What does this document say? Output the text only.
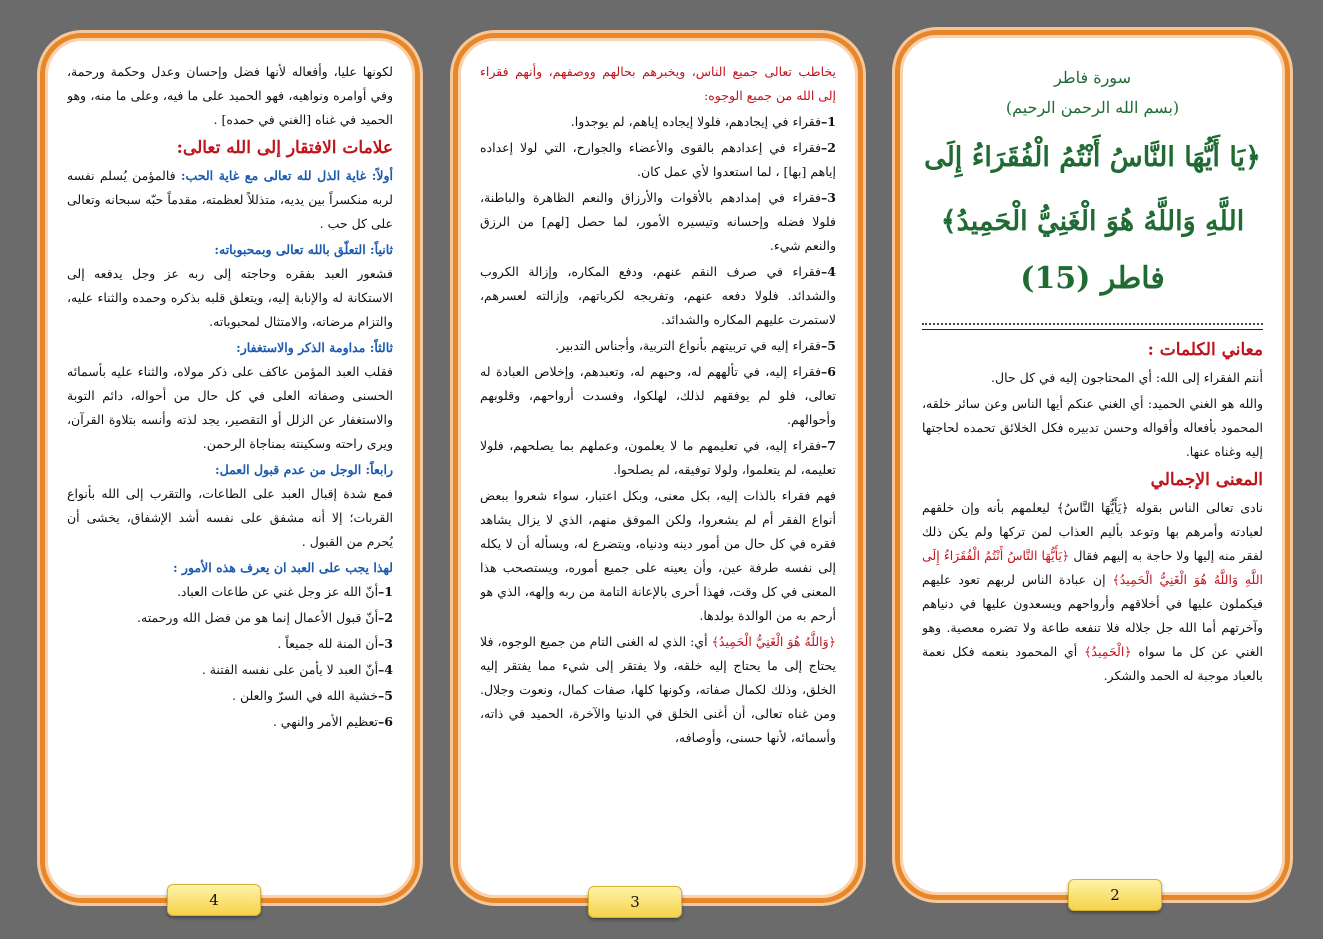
سورة فاطر
(بسم الله الرحمن الرحيم)
﴿يَا أَيُّهَا النَّاسُ أَنْتُمُ الْفُقَرَاءُ إِلَى
اللَّهِ وَاللَّهُ هُوَ الْغَنِيُّ الْحَمِيدُ﴾
فاطر (15)
معاني الكلمات :

أنتم الفقراء إلى الله: أي المحتاجون إليه في كل حال.

والله هو الغني الحميد: أي الغني عنكم أيها الناس وعن سائر خلقه، المحمود بأفعاله وأقواله وحسن تدبيره فكل الخلائق تحمده لحاجتها إليه وغناه عنها.

المعنى الإجمالي

نادى تعالى الناس بقوله ﴿يَأَيُّهَا النَّاسُ﴾ ليعلمهم بأنه وإن خلقهم لعبادته وأمرهم بها وتوعد بأليم العذاب لمن تركها ولم يكن ذلك لفقر منه إليها ولا حاجة به إليهم فقال ﴿يَأَيُّهَا النَّاسُ أَنْتُمُ الْفُقَرَاءُ إِلَى اللَّهِ وَاللَّهُ هُوَ الْغَنِيُّ الْحَمِيدُ﴾ إن عبادة الناس لربهم تعود عليهم فيكملون عليها في أخلاقهم وأرواحهم ويسعدون عليها في دنياهم وآخرتهم أما الله جل جلاله فلا تنفعه طاعة ولا تضره معصية. وهو الغني عن كل ما سواه ﴿الْحَمِيدُ﴾ أي المحمود بنعمه فكل نعمة بالعباد موجبة له الحمد والشكر.

2

يخاطب تعالى جميع الناس، ويخبرهم بحالهم ووصفهم، وأنهم فقراء إلى الله من جميع الوجوه:

1–فقراء في إيجادهم، فلولا إيجاده إياهم، لم يوجدوا.

2–فقراء في إعدادهم بالقوى والأعضاء والجوارح، التي لولا إعداده إياهم [بها] ، لما استعدوا لأي عمل كان.

3–فقراء في إمدادهم بالأقوات والأرزاق والنعم الظاهرة والباطنة، فلولا فضله وإحسانه وتيسيره الأمور، لما حصل [لهم] من الرزق والنعم شيء.

4–فقراء في صرف النقم عنهم، ودفع المكاره، وإزالة الكروب والشدائد. فلولا دفعه عنهم، وتفريجه لكرباتهم، وإزالته لعسرهم، لاستمرت عليهم المكاره والشدائد.

5–فقراء إليه في تربيتهم بأنواع التربية، وأجناس التدبير.

6–فقراء إليه، في تألههم له، وحبهم له، وتعبدهم، وإخلاص العبادة له تعالى، فلو لم يوفقهم لذلك، لهلكوا، وفسدت أرواحهم، وقلوبهم وأحوالهم.

7–فقراء إليه، في تعليمهم ما لا يعلمون، وعملهم بما يصلحهم، فلولا تعليمه، لم يتعلموا، ولولا توفيقه، لم يصلحوا.

فهم فقراء بالذات إليه، بكل معنى، وبكل اعتبار، سواء شعروا ببعض أنواع الفقر أم لم يشعروا، ولكن الموفق منهم، الذي لا يزال يشاهد فقره في كل حال من أمور دينه ودنياه، ويتضرع له، ويسأله أن لا يكله إلى نفسه طرفة عين، وأن يعينه على جميع أموره، ويستصحب هذا المعنى في كل وقت، فهذا أحرى بالإعانة التامة من ربه وإلهه، الذي هو أرحم به من الوالدة بولدها.

﴿وَاللَّهُ هُوَ الْغَنِيُّ الْحَمِيدُ﴾ أي: الذي له الغنى التام من جميع الوجوه، فلا يحتاج إلى ما يحتاج إليه خلقه، ولا يفتقر إلى شيء مما يفتقر إليه الخلق، وذلك لكمال صفاته، وكونها كلها، صفات كمال، ونعوت وجلال. ومن غناه تعالى، أن أغنى الخلق في الدنيا والآخرة، الحميد في ذاته، وأسمائه، لأنها حسنى، وأوصافه،

3

لكونها عليا، وأفعاله لأنها فضل وإحسان وعدل وحكمة ورحمة، وفي أوامره ونواهيه، فهو الحميد على ما فيه، وعلى ما منه، وهو الحميد في غناه [الغني في حمده] .

علامات الافتقار إلى الله تعالى:

أولاً: غاية الذل لله تعالى مع غاية الحب: فالمؤمن يُسلم نفسه لربه منكسراً بين يديه، متذللاً لعظمته، مقدماً حبّه سبحانه وتعالى على كل حب .

ثانياً: التعلّق بالله تعالى وبمحبوباته:

فشعور العبد بفقره وحاجته إلى ربه عز وجل يدفعه إلى الاستكانة له والإنابة إليه، ويتعلق قلبه بذكره وحمده والثناء عليه، والتزام مرضاته، والامتثال لمحبوباته.

ثالثاً: مداومة الذكر والاستغفار:

فقلب العبد المؤمن عاكف على ذكر مولاه، والثناء عليه بأسمائه الحسنى وصفاته العلى في كل حال من أحواله، دائم التوبة والاستغفار عن الزلل أو التقصير، يجد لذته وأنسه بتلاوة القرآن، ويرى راحته وسكينته بمناجاة الرحمن.

رابعاً: الوجل من عدم قبول العمل:

فمع شدة إقبال العبد على الطاعات، والتقرب إلى الله بأنواع القربات؛ إلا أنه مشفق على نفسه أشد الإشفاق، يخشى أن يُحرم من القبول .

لهذا يجب على العبد ان يعرف هذه الأمور :

1–أنّ الله عز وجل غني عن طاعات العباد.

2–أنّ قبول الأعمال إنما هو من فضل الله ورحمته.

3–أن المنة لله جميعاً .

4–أنّ العبد لا يأمن على نفسه الفتنة .

5–خشية الله في السرّ والعلن .

6–تعظيم الأمر والنهي .

4
